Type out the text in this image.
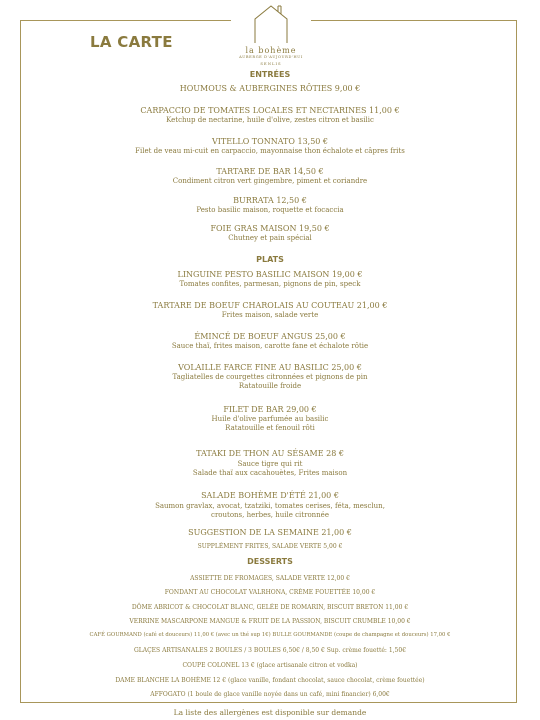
la bohème
AUBERGE D'AUJOURD'HUI
SENLIS
LA CARTE
ENTRÉES
HOUMOUS & AUBERGINES RÔTIES 9,00 €
CARPACCIO DE TOMATES LOCALES ET NECTARINES 11,00 €
Ketchup de nectarine, huile d'olive, zestes citron et basilic
VITELLO TONNATO 13,50 €
Filet de veau mi-cuit en carpaccio, mayonnaise thon échalote et câpres frits
TARTARE DE BAR 14,50 €
Condiment citron vert gingembre, piment et coriandre
BURRATA 12,50 €
Pesto basilic maison, roquette et focaccia
FOIE GRAS MAISON 19,50 €
Chutney et pain spécial
PLATS
LINGUINE PESTO BASILIC MAISON 19,00 €
Tomates confites, parmesan, pignons de pin, speck
TARTARE DE BOEUF CHAROLAIS AU COUTEAU 21,00 €
Frites maison, salade verte
ÉMINCÉ DE BOEUF ANGUS 25,00 €
Sauce thaï, frites maison, carotte fane et échalote rôtie
VOLAILLE FARCE FINE AU BASILIC 25,00 €
Tagliatelles de courgettes citronnées et pignons de pin
Ratatouille froide
FILET DE BAR 29,00 €
Huile d'olive parfumée au basilic
Ratatouille et fenouil rôti
TATAKI DE THON AU SÉSAME 28 €
Sauce tigre qui rit
Salade thaï aux cacahouètes, Frites maison
SALADE BOHÈME D'ÉTÉ 21,00 €
Saumon gravlax, avocat, tzatziki, tomates cerises, féta, mesclun,
croutons, herbes, huile citronnée
SUGGESTION DE LA SEMAINE 21,00 €
SUPPLÉMENT FRITES, SALADE VERTE 5,00 €
DESSERTS
ASSIETTE DE FROMAGES, SALADE VERTE 12,00 €
FONDANT AU CHOCOLAT VALRHONA, CRÈME FOUETTÉE 10,00 €
DÔME ABRICOT & CHOCOLAT BLANC, GELÉE DE ROMARIN, BISCUIT BRETON 11,00 €
VERRINE MASCARPONE MANGUE & FRUIT DE LA PASSION, BISCUIT CRUMBLE 10,00 €
CAFÉ GOURMAND (café et douceurs) 11,00 € (avec un thé sup 1€) BULLE GOURMANDE (coupe de champagne et douceurs) 17,00 €
GLAÇES ARTISANALES 2 BOULES / 3 BOULES 6,50€ / 8,50 € Sup. crème fouetté: 1,50€
COUPE COLONEL 13 € (glace artisanale citron et vodka)
DAME BLANCHE LA BOHÈME 12 € (glace vanille, fondant chocolat, sauce chocolat, crème fouettée)
AFFOGATO (1 boule de glace vanille noyée dans un café, mini financier) 6,00€
La liste des allergènes est disponible sur demande
